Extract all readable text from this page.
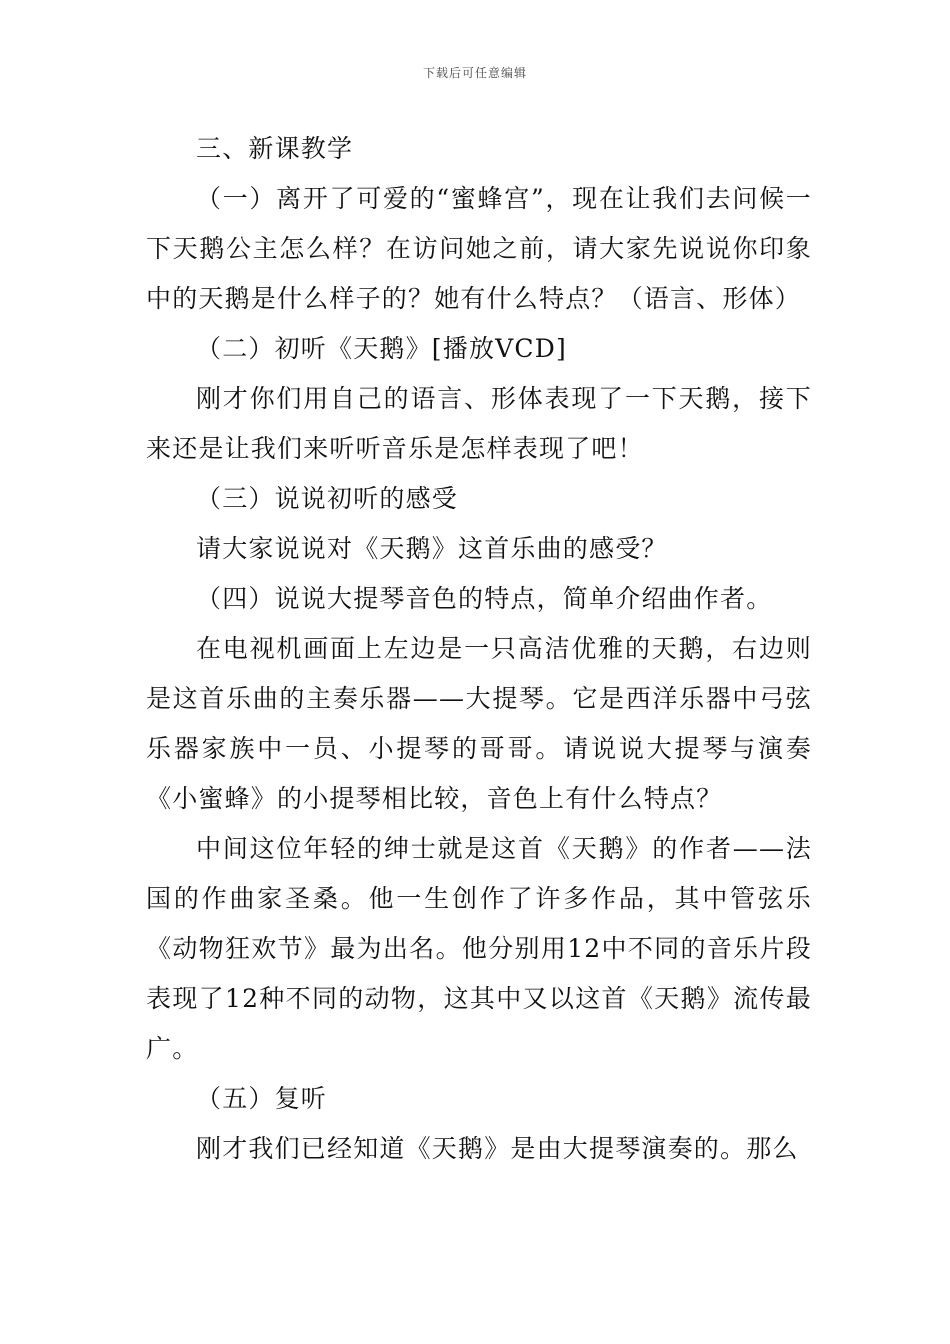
下载后可任意编辑

三、新课教学

（一）离开了可爱的“蜜蜂宫”，现在让我们去问候一下天鹅公主怎么样？在访问她之前，请大家先说说你印象中的天鹅是什么样子的？她有什么特点？（语言、形体）

（二）初听《天鹅》[播放VCD]

刚才你们用自己的语言、形体表现了一下天鹅，接下来还是让我们来听听音乐是怎样表现了吧！

（三）说说初听的感受

请大家说说对《天鹅》这首乐曲的感受？

（四）说说大提琴音色的特点，简单介绍曲作者。

在电视机画面上左边是一只高洁优雅的天鹅，右边则是这首乐曲的主奏乐器——大提琴。它是西洋乐器中弓弦乐器家族中一员、小提琴的哥哥。请说说大提琴与演奏《小蜜蜂》的小提琴相比较，音色上有什么特点？

中间这位年轻的绅士就是这首《天鹅》的作者——法国的作曲家圣桑。他一生创作了许多作品，其中管弦乐《动物狂欢节》最为出名。他分别用12中不同的音乐片段表现了12种不同的动物，这其中又以这首《天鹅》流传最广。

（五）复听

刚才我们已经知道《天鹅》是由大提琴演奏的。那么
